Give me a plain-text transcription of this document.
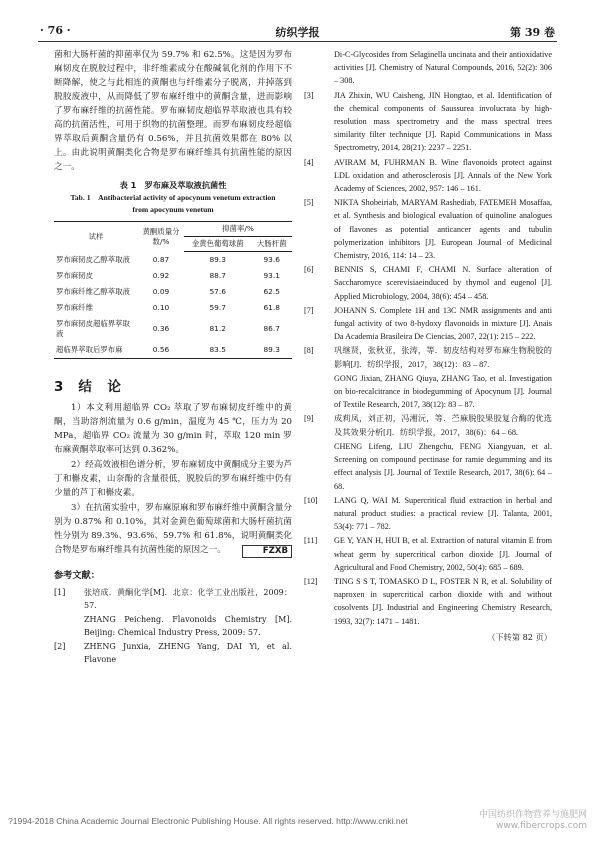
· 76 ·	纺织学报	第 39 卷

菌和大肠杆菌的抑菌率仅为 59.7% 和 62.5%。这是因为罗布麻韧皮在脱胶过程中，非纤维素成分在酸碱氧化剂的作用下不断降解，使之与此相连的黄酮也与纤维素分子脱离，并掉落到脱胶废液中，从而降低了罗布麻纤维中的黄酮含量，进而影响了罗布麻纤维的抗菌性能。罗布麻韧皮超临界萃取液也具有较高的抗菌活性，可用于织物的抗菌整理。而罗布麻韧皮经超临界萃取后黄酮含量仍有 0.56%，并且抗菌效果都在 80% 以上。由此说明黄酮类化合物是罗布麻纤维具有抗菌性能的原因之一。

表 1　罗布麻及萃取液抗菌性
Tab. 1　Antibacterial activity of apocynum venetum extraction from apocynum venetum
试样	黄酮质量分数/%	抑菌率/%	
		金黄色葡萄球菌	大肠杆菌
罗布麻韧皮乙醇萃取液	0.87	89.3	93.6
罗布麻韧皮	0.92	88.7	93.1
罗布麻纤维乙醇萃取液	0.09	57.6	62.5
罗布麻纤维	0.10	59.7	61.8
罗布麻韧皮超临界萃取液	0.36	81.2	86.7
超临界萃取后罗布麻	0.56	83.5	89.3
3 结　论

1）本文利用超临界 CO₂ 萃取了罗布麻韧皮纤维中的黄酮，当助溶剂流量为 0.6 g/min，温度为 45 ℃，压力为 20 MPa，超临界 CO₂ 流量为 30 g/min 时，萃取 120 min 罗布麻黄酮萃取率可达到 0.362%。

2）经高效液相色谱分析，罗布麻韧皮中黄酮成分主要为芦丁和槲皮素，山奈酚的含量很低，脱胶后的罗布麻纤维中仍有少量的芦丁和槲皮素。

3）在抗菌实验中，罗布麻原麻和罗布麻纤维中黄酮含量分别为 0.87% 和 0.10%，其对金黄色葡萄球菌和大肠杆菌抗菌性分别为 89.3%、93.6%、59.7% 和 61.8%，说明黄酮类化合物是罗布麻纤维具有抗菌性能的原因之一。	FZXB

参考文献：
[1]	张培成．黄酮化学[M]．北京：化学工业出版社，2009：57.
ZHANG Peicheng. Flavonoids Chemistry [M]. Beijing: Chemical Industry Press, 2009: 57.
[2]	ZHENG Junxia, ZHENG Yang, DAI Yi, et al. Flavone
Di-C-Glycosides from Selaginella uncinata and their antioxidative activities [J]. Chemistry of Natural Compounds, 2016, 52(2): 306 – 308.
[3]	JIA Zhixin, WU Caisheng, JIN Hongtao, et al. Identification of the chemical components of Saussurea involucrata by high-resolution mass spectrometry and the mass spectral trees similarity filter technique [J]. Rapid Communications in Mass Spectrometry, 2014, 28(21): 2237 – 2251.
[4]	AVIRAM M, FUHRMAN B. Wine flavonoids protect against LDL oxidation and atherosclerosis [J]. Annals of the New York Academy of Sciences, 2002, 957: 146 – 161.
[5]	NIKTA Shobeiriab, MARYAM Rashediab, FATEMEH Mosaffaa, et al. Synthesis and biological evaluation of quinoline analogues of flavones as potential anticancer agents and tubulin polymerization inhibitors [J]. European Journal of Medicinal Chemistry, 2016, 114: 14 – 23.
[6]	BENNIS S, CHAMI F, CHAMI N. Surface alteration of Saccharomyce scerevisiaeinduced by thymol and eugenol [J]. Applied Microbiology, 2004, 38(6): 454 – 458.
[7]	JOHANN S. Complete 1H and 13C NMR assignments and anti fungal activity of two 8-hydoxy flavonoids in mixture [J]. Anais Da Academia Brasileira De Ciencias, 2007, 22(1): 215 – 222.
[8]	巩继贤，张秋亚，张涛，等．韧皮结构对罗布麻生物脱胶的影响[J]．纺织学报，2017，38(12)：83 – 87.
GONG Jixian, ZHANG Qiuya, ZHANG Tao, et al. Investigation on bio-recalcitrance in biodegumming of Apocynum [J]. Journal of Textile Research, 2017, 38(12): 83 – 87.
[9]	成莉凤，刘正初，冯湘沅，等．苎麻脱胶果胶复合酶的优选及其效果分析[J]．纺织学报，2017，38(6)：64 – 68.
CHENG Lifeng, LIU Zhengchu, FENG Xiangyuan, et al. Screening on compound pectinase for ramie degumming and its effect analysis [J]. Journal of Textile Research, 2017, 38(6): 64 – 68.
[10]	LANG Q, WAI M. Supercritical fluid extraction in herbal and natural product studies: a practical review [J]. Talanta, 2001, 53(4): 771 – 782.
[11]	GE Y, YAN H, HUI B, et al. Extraction of natural vitamin E from wheat germ by supercritical carbon dioxide [J]. Journal of Agricultural and Food Chemistry, 2002, 50(4): 685 – 689.
[12]	TING S S T, TOMASKO D L, FOSTER N R, et al. Solubility of naproxen in supercritical carbon dioxide with and without cosolvents [J]. Industrial and Engineering Chemistry Research, 1993, 32(7): 1471 – 1481.
（下转第 82 页）
?1994-2018 China Academic Journal Electronic Publishing House. All rights reserved. http://www.cnki.net
中国纺织作物营养与施肥网
www.fibercrops.com
